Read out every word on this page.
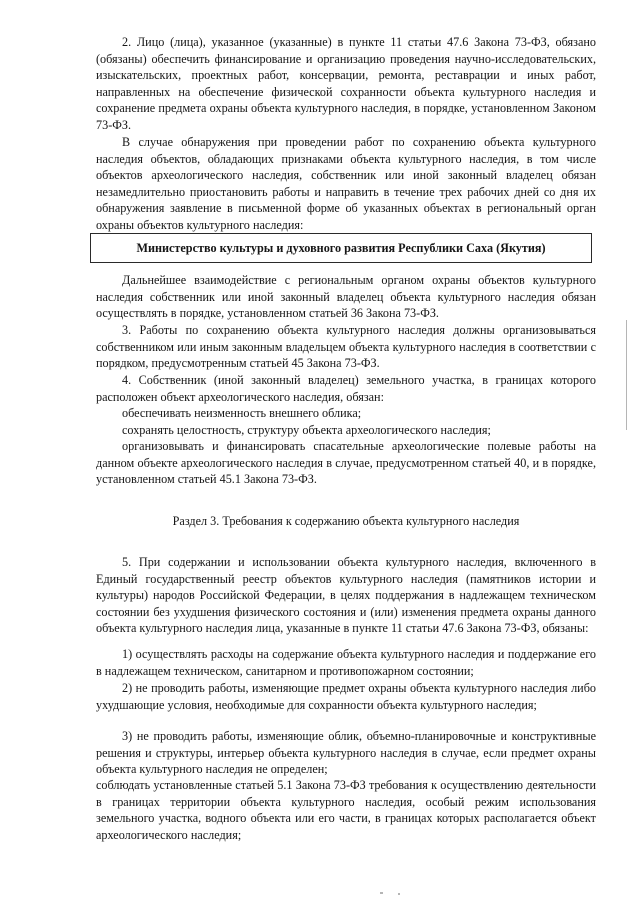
2. Лицо (лица), указанное (указанные) в пункте 11 статьи 47.6 Закона 73-ФЗ, обязано (обязаны) обеспечить финансирование и организацию проведения научно-исследовательских, изыскательских, проектных работ, консервации, ремонта, реставрации и иных работ, направленных на обеспечение физической сохранности объекта культурного наследия и сохранение предмета охраны объекта культурного наследия, в порядке, установленном Законом 73-ФЗ.

В случае обнаружения при проведении работ по сохранению объекта культурного наследия объектов, обладающих признаками объекта культурного наследия, в том числе объектов археологического наследия, собственник или иной законный владелец обязан незамедлительно приостановить работы и направить в течение трех рабочих дней со дня их обнаружения заявление в письменной форме об указанных объектах в региональный орган охраны объектов культурного наследия:

Министерство культуры и духовного развития Республики Саха (Якутия)

Дальнейшее взаимодействие с региональным органом охраны объектов культурного наследия собственник или иной законный владелец объекта культурного наследия обязан осуществлять в порядке, установленном статьей 36 Закона 73-ФЗ.

3. Работы по сохранению объекта культурного наследия должны организовываться собственником или иным законным владельцем объекта культурного наследия в соответствии с порядком, предусмотренным статьей 45 Закона 73-ФЗ.

4. Собственник (иной законный владелец) земельного участка, в границах которого расположен объект археологического наследия, обязан:

обеспечивать неизменность внешнего облика;

сохранять целостность, структуру объекта археологического наследия;

организовывать и финансировать спасательные археологические полевые работы на данном объекте археологического наследия в случае, предусмотренном статьей 40, и в порядке, установленном статьей 45.1 Закона 73-ФЗ.

Раздел 3. Требования к содержанию объекта культурного наследия

5. При содержании и использовании объекта культурного наследия, включенного в Единый государственный реестр объектов культурного наследия (памятников истории и культуры) народов Российской Федерации, в целях поддержания в надлежащем техническом состоянии без ухудшения физического состояния и (или) изменения предмета охраны данного объекта культурного наследия лица, указанные в пункте 11 статьи 47.6 Закона 73-ФЗ, обязаны:

1) осуществлять расходы на содержание объекта культурного наследия и поддержание его в надлежащем техническом, санитарном и противопожарном состоянии;

2) не проводить работы, изменяющие предмет охраны объекта культурного наследия либо ухудшающие условия, необходимые для сохранности объекта культурного наследия;

3) не проводить работы, изменяющие облик, объемно-планировочные и конструктивные решения и структуры, интерьер объекта культурного наследия в случае, если предмет охраны объекта культурного наследия не определен;

соблюдать установленные статьей 5.1 Закона 73-ФЗ требования к осуществлению деятельности в границах территории объекта культурного наследия, особый режим использования земельного участка, водного объекта или его части, в границах которых располагается объект археологического наследия;
